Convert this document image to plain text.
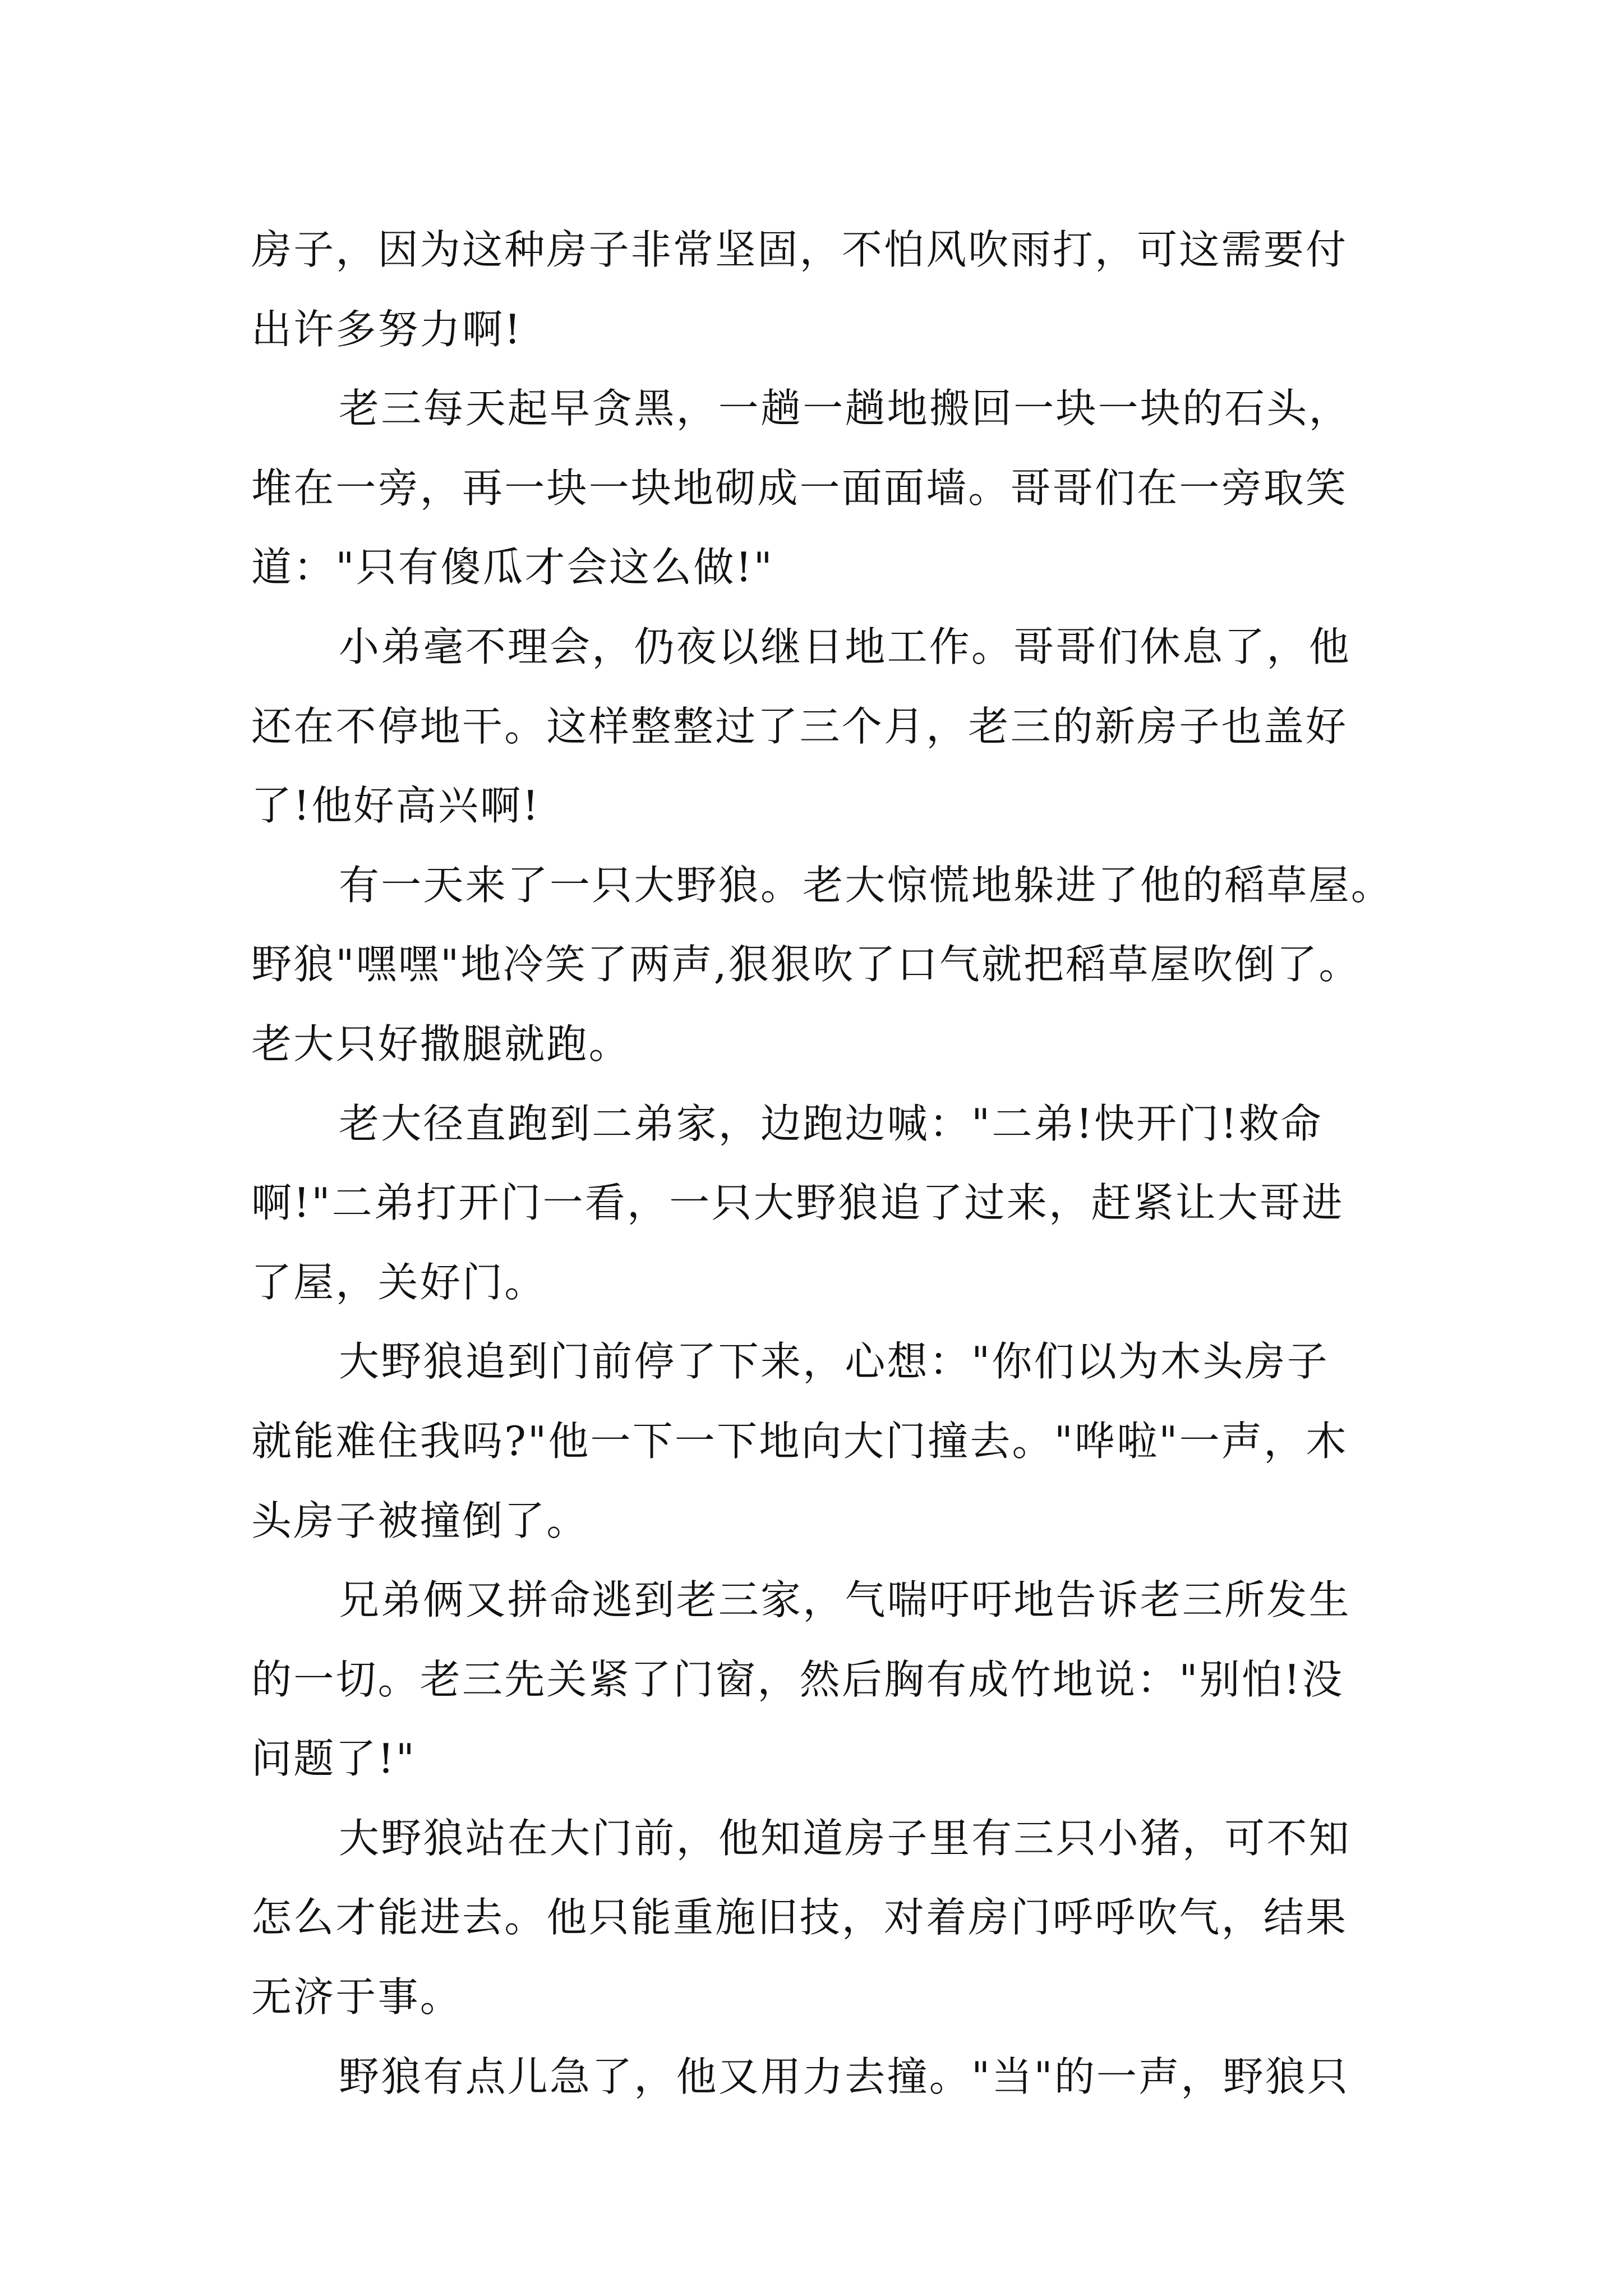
房子，因为这种房子非常坚固，不怕风吹雨打，可这需要付
出许多努力啊!
老三每天起早贪黑，一趟一趟地搬回一块一块的石头，
堆在一旁，再一块一块地砌成一面面墙。哥哥们在一旁取笑
道："只有傻瓜才会这么做!"
小弟毫不理会，仍夜以继日地工作。哥哥们休息了，他
还在不停地干。这样整整过了三个月，老三的新房子也盖好
了!他好高兴啊!
有一天来了一只大野狼。老大惊慌地躲进了他的稻草屋。
野狼"嘿嘿"地冷笑了两声,狠狠吹了口气就把稻草屋吹倒了。
老大只好撒腿就跑。
老大径直跑到二弟家，边跑边喊："二弟!快开门!救命
啊!"二弟打开门一看，一只大野狼追了过来，赶紧让大哥进
了屋，关好门。
大野狼追到门前停了下来，心想："你们以为木头房子
就能难住我吗?"他一下一下地向大门撞去。"哗啦"一声，木
头房子被撞倒了。
兄弟俩又拼命逃到老三家，气喘吁吁地告诉老三所发生
的一切。老三先关紧了门窗，然后胸有成竹地说："别怕!没
问题了!"
大野狼站在大门前，他知道房子里有三只小猪，可不知
怎么才能进去。他只能重施旧技，对着房门呼呼吹气，结果
无济于事。
野狼有点儿急了，他又用力去撞。"当"的一声，野狼只
